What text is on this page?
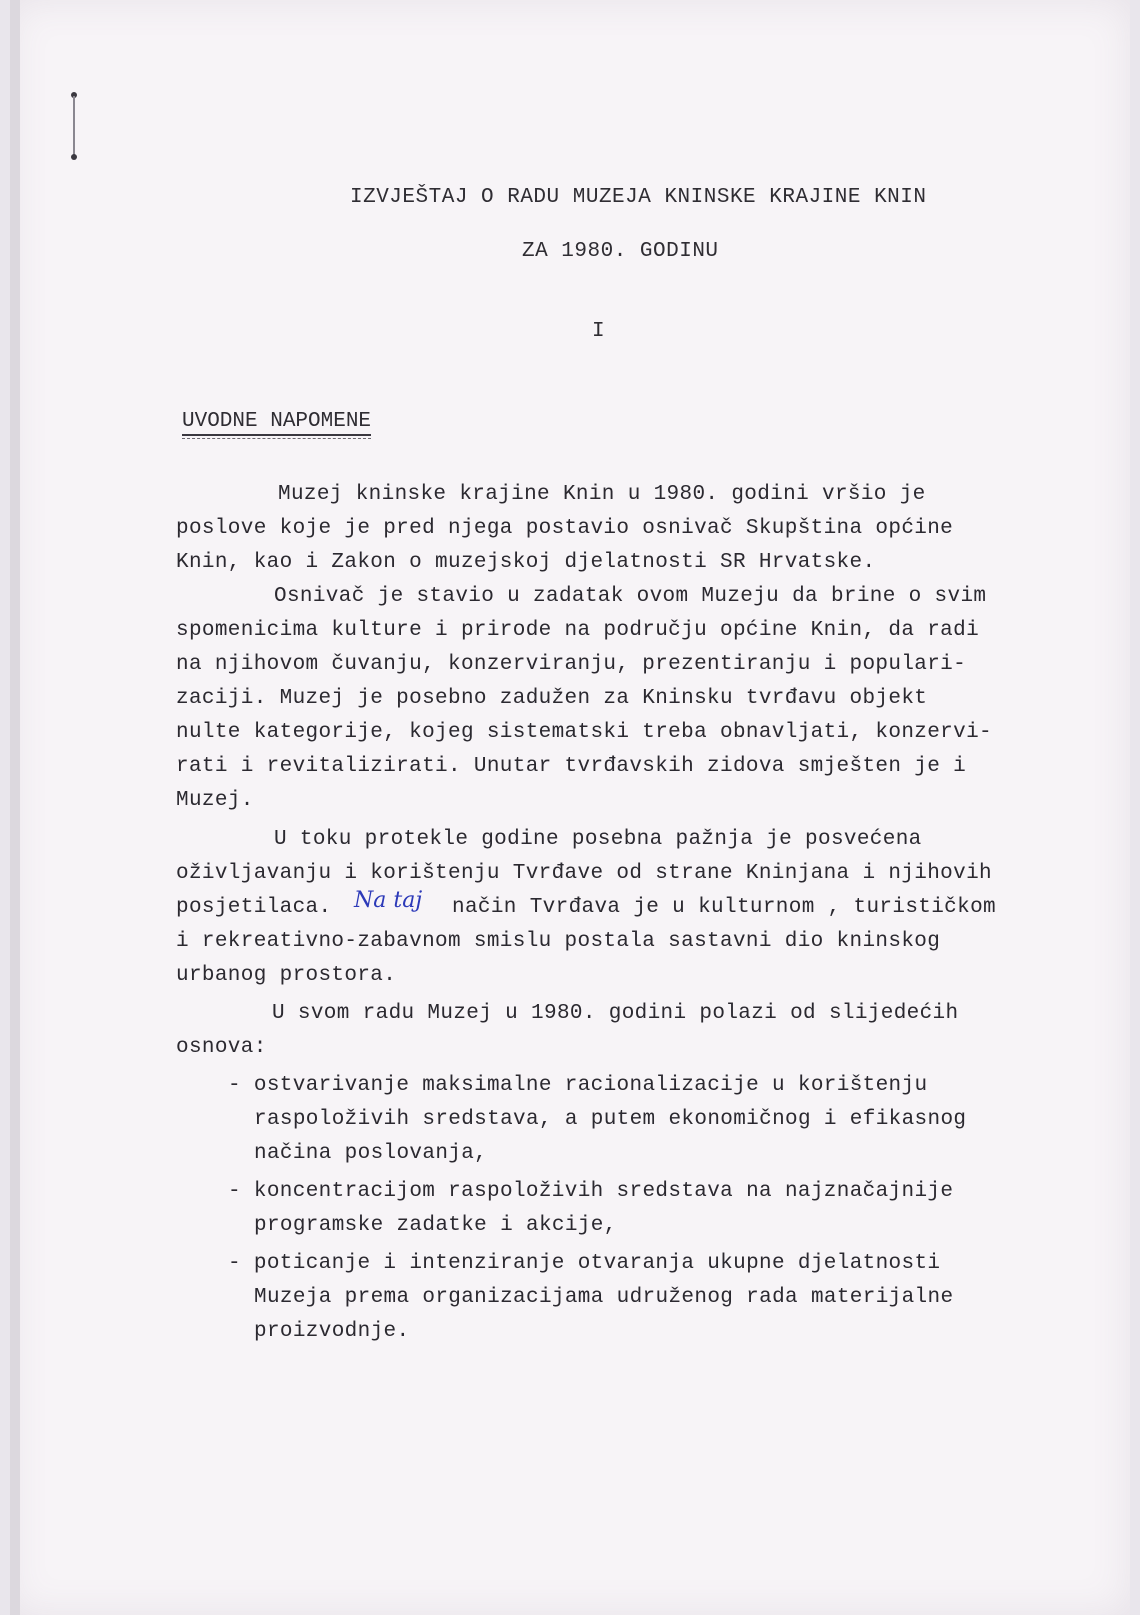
IZVJEŠTAJ O RADU MUZEJA KNINSKE KRAJINE KNIN
ZA 1980. GODINU
I
UVODNE NAPOMENE
Muzej kninske krajine Knin u 1980. godini vršio je
poslove koje je pred njega postavio osnivač Skupština općine
Knin, kao i Zakon o muzejskoj djelatnosti SR Hrvatske.
Osnivač je stavio u zadatak ovom Muzeju da brine o svim
spomenicima kulture i prirode na području općine Knin, da radi
na njihovom čuvanju, konzerviranju, prezentiranju i populari-
zaciji. Muzej je posebno zadužen za Kninsku tvrđavu objekt
nulte kategorije, kojeg sistematski treba obnavljati, konzervi-
rati i revitalizirati. Unutar tvrđavskih zidova smješten je i
Muzej.
U toku protekle godine posebna pažnja je posvećena
oživljavanju i korištenju Tvrđave od strane Kninjana i njihovih
posjetilaca. Na taj način Tvrđava je u kulturnom , turističkom
i rekreativno-zabavnom smislu postala sastavni dio kninskog
urbanog prostora.
U svom radu Muzej u 1980. godini polazi od slijedećih
osnova:
- ostvarivanje maksimalne racionalizacije u korištenju
raspoloživih sredstava, a putem ekonomičnog i efikasnog
načina poslovanja,
- koncentracijom raspoloživih sredstava na najznačajnije
programske zadatke i akcije,
- poticanje i intenziranje otvaranja ukupne djelatnosti
Muzeja prema organizacijama udruženog rada materijalne
proizvodnje.
